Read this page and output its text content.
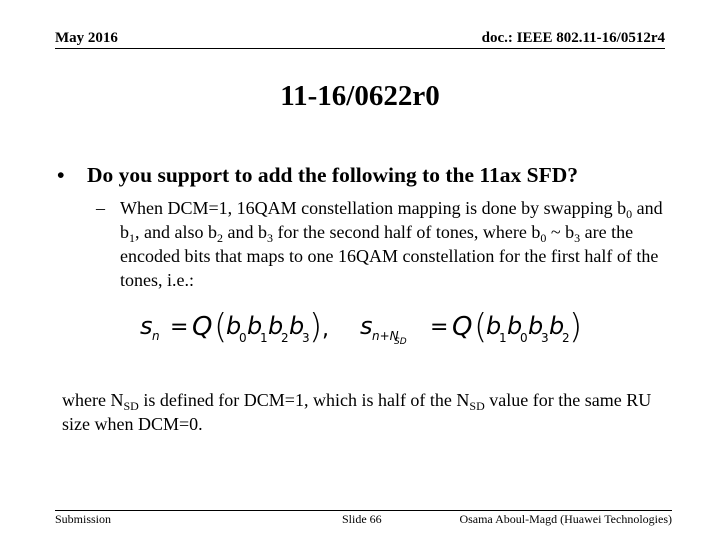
May 2016	doc.: IEEE 802.11-16/0512r4
11-16/0622r0
• Do you support to add the following to the 11ax SFD?
– When DCM=1, 16QAM constellation mapping is done by swapping $b_0$ and $b_1$, and also $b_2$ and $b_3$ for the second half of tones, where $b_0$ ~ $b_3$ are the encoded bits that maps to one 16QAM constellation for the first half of the tones, i.e.:
s n = Q (
b
0 b
1 b
2 b
3 ) , s n+N
SD
= Q (
b
1 b
0 b
3 b
2 )
where $N_{SD}$ is defined for DCM=1, which is half of the $N_{SD}$ value for the same RU size when DCM=0.
Submission	Slide 66	Osama Aboul-Magd (Huawei Technologies)
